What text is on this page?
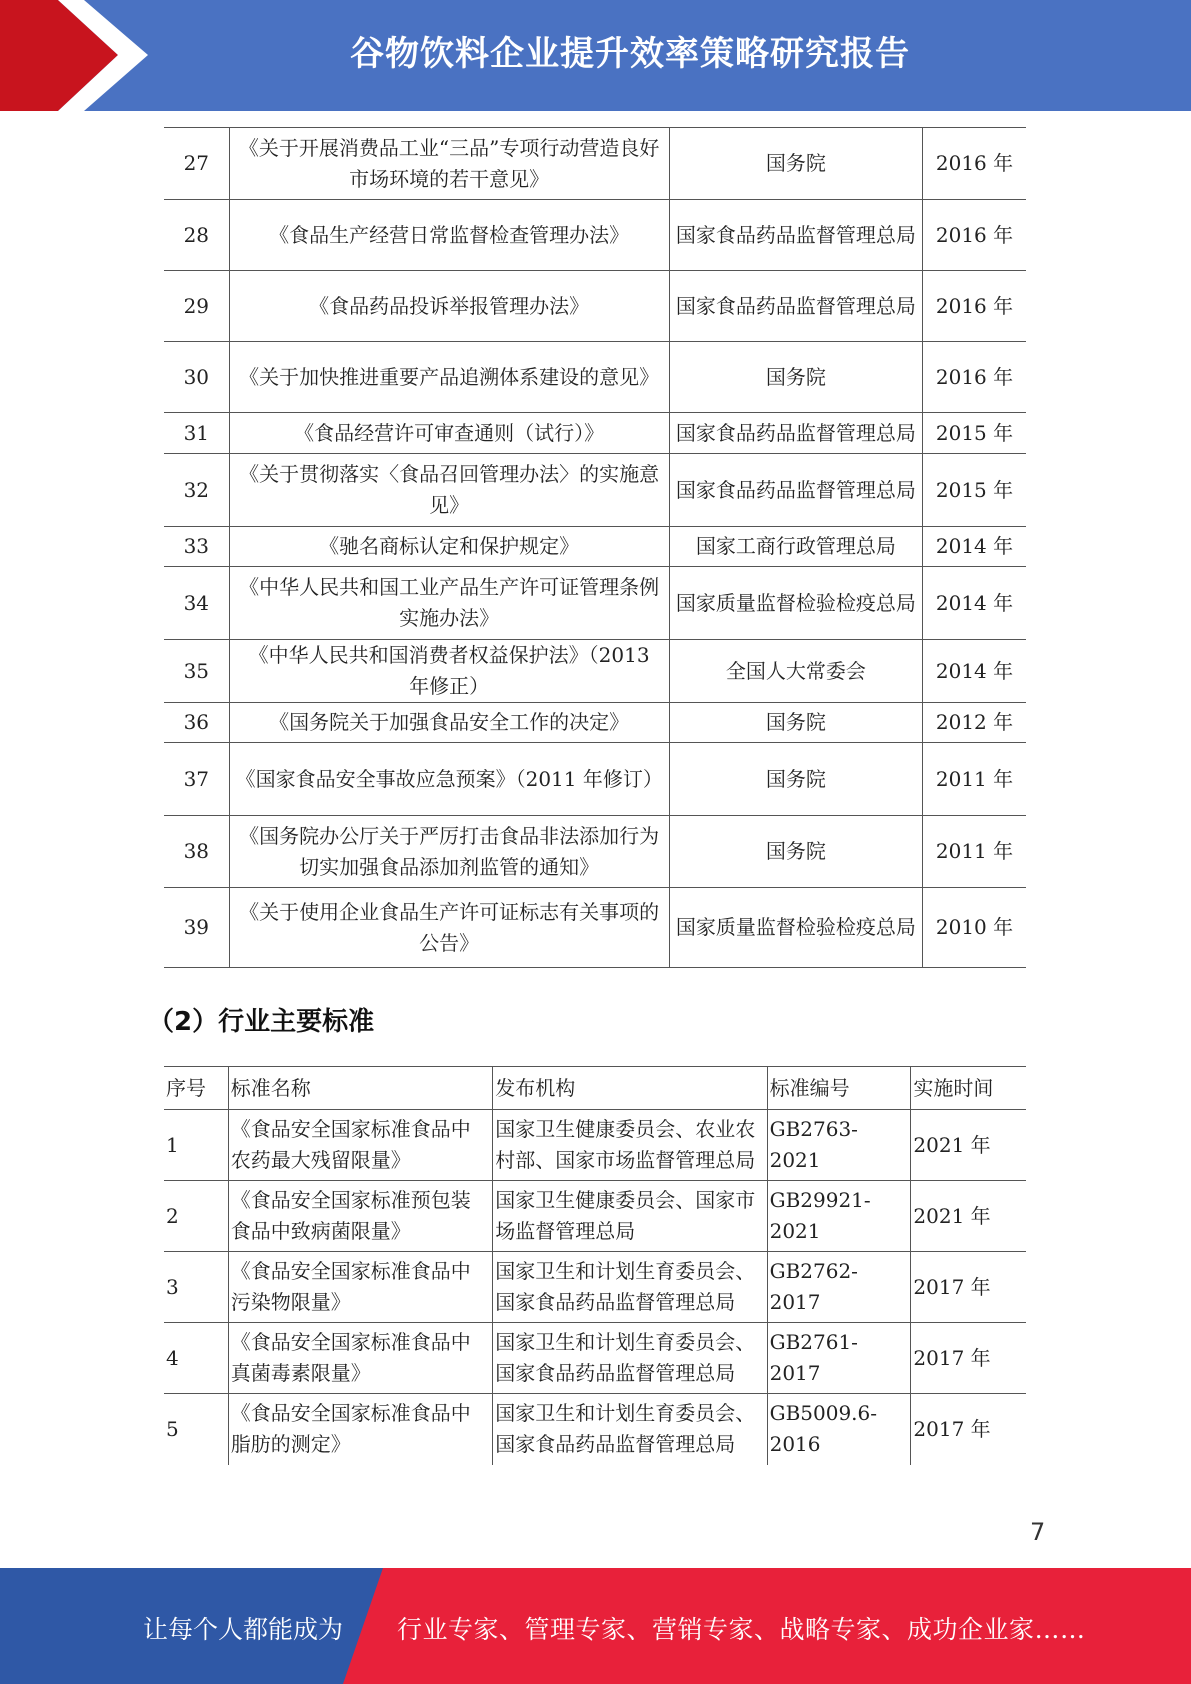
谷物饮料企业提升效率策略研究报告
27	《关于开展消费品工业“三品”专项行动营造良好市场环境的若干意见》	国务院	2016 年
28	《食品生产经营日常监督检查管理办法》	国家食品药品监督管理总局	2016 年
29	《食品药品投诉举报管理办法》	国家食品药品监督管理总局	2016 年
30	《关于加快推进重要产品追溯体系建设的意见》	国务院	2016 年
31	《食品经营许可审查通则（试行）》	国家食品药品监督管理总局	2015 年
32	《关于贯彻落实〈食品召回管理办法〉的实施意见》	国家食品药品监督管理总局	2015 年
33	《驰名商标认定和保护规定》	国家工商行政管理总局	2014 年
34	《中华人民共和国工业产品生产许可证管理条例实施办法》	国家质量监督检验检疫总局	2014 年
35	《中华人民共和国消费者权益保护法》（2013 年修正）	全国人大常委会	2014 年
36	《国务院关于加强食品安全工作的决定》	国务院	2012 年
37	《国家食品安全事故应急预案》（2011 年修订）	国务院	2011 年
38	《国务院办公厅关于严厉打击食品非法添加行为切实加强食品添加剂监管的通知》	国务院	2011 年
39	《关于使用企业食品生产许可证标志有关事项的公告》	国家质量监督检验检疫总局	2010 年
（2）行业主要标准
序号	标准名称	发布机构	标准编号	实施时间
1	《食品安全国家标准食品中农药最大残留限量》	国家卫生健康委员会、农业农村部、国家市场监督管理总局	GB2763-2021	2021 年
2	《食品安全国家标准预包装食品中致病菌限量》	国家卫生健康委员会、国家市场监督管理总局	GB29921-2021	2021 年
3	《食品安全国家标准食品中污染物限量》	国家卫生和计划生育委员会、国家食品药品监督管理总局	GB2762-2017	2017 年
4	《食品安全国家标准食品中真菌毒素限量》	国家卫生和计划生育委员会、国家食品药品监督管理总局	GB2761-2017	2017 年
5	《食品安全国家标准食品中脂肪的测定》	国家卫生和计划生育委员会、国家食品药品监督管理总局	GB5009.6-2016	2017 年
7
让每个人都能成为 行业专家、管理专家、营销专家、战略专家、成功企业家……
